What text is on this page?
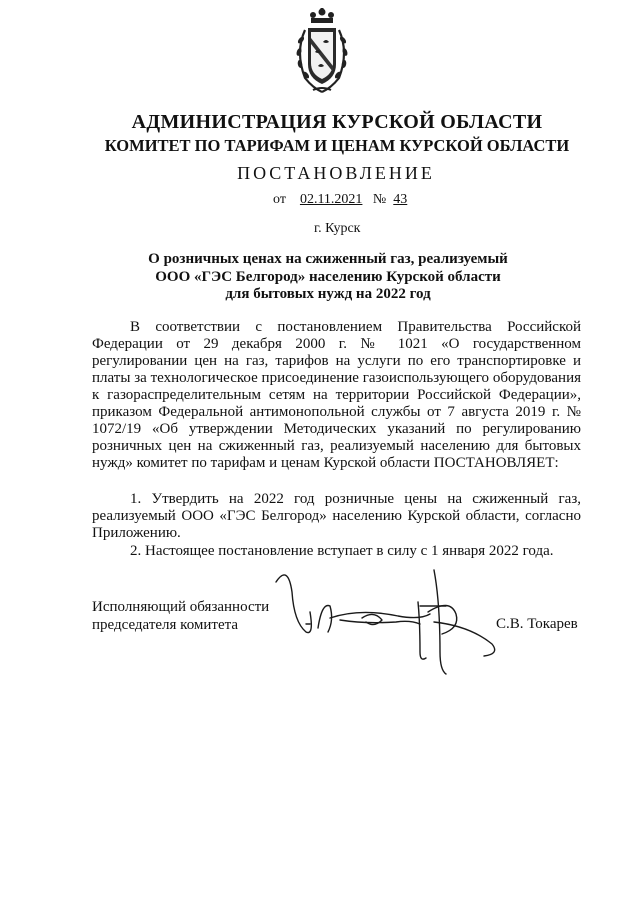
АДМИНИСТРАЦИЯ КУРСКОЙ ОБЛАСТИ
КОМИТЕТ ПО ТАРИФАМ И ЦЕНАМ КУРСКОЙ ОБЛАСТИ
ПОСТАНОВЛЕНИЕ
от 02.11.2021 № 43
г. Курск
О розничных ценах на сжиженный газ, реализуемый
ООО «ГЭС Белгород» населению Курской области
для бытовых нужд на 2022 год
В соответствии с постановлением Правительства Российской Федерации от 29 декабря 2000 г. № 1021 «О государственном регулировании цен на газ, тарифов на услуги по его транспортировке и платы за технологическое присоединение газоиспользующего оборудования к газораспределительным сетям на территории Российской Федерации», приказом Федеральной антимонопольной службы от 7 августа 2019 г. № 1072/19 «Об утверждении Методических указаний по регулированию розничных цен на сжиженный газ, реализуемый населению для бытовых нужд» комитет по тарифам и ценам Курской области ПОСТАНОВЛЯЕТ:
1. Утвердить на 2022 год розничные цены на сжиженный газ, реализуемый ООО «ГЭС Белгород» населению Курской области, согласно Приложению.
2. Настоящее постановление вступает в силу с 1 января 2022 года.
Исполняющий обязанности
председателя комитета	С.В. Токарев
